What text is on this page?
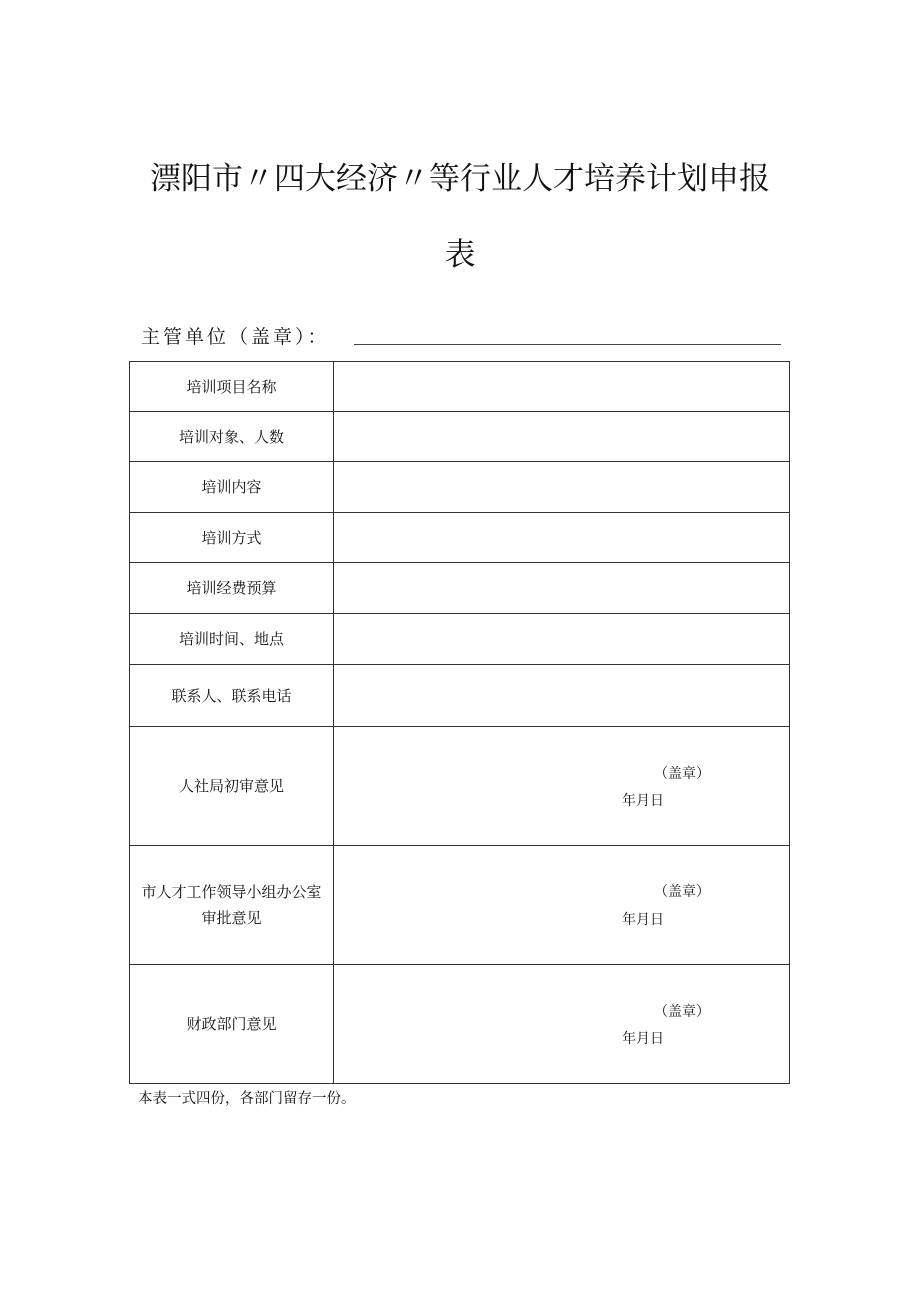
漂阳市〃四大经济〃等行业人才培养计划申报
表
主管单位（盖章）：
培训项目名称	
培训对象、人数	
培训内容	
培训方式	
培训经费预算	
培训时间、地点	
联系人、联系电话	
人社局初审意见	（盖章）
年月日

市人才工作领导小组办公室审批意见	（盖章）
年月日

财政部门意见	（盖章）
年月日
本表一式四份，各部门留存一份。
